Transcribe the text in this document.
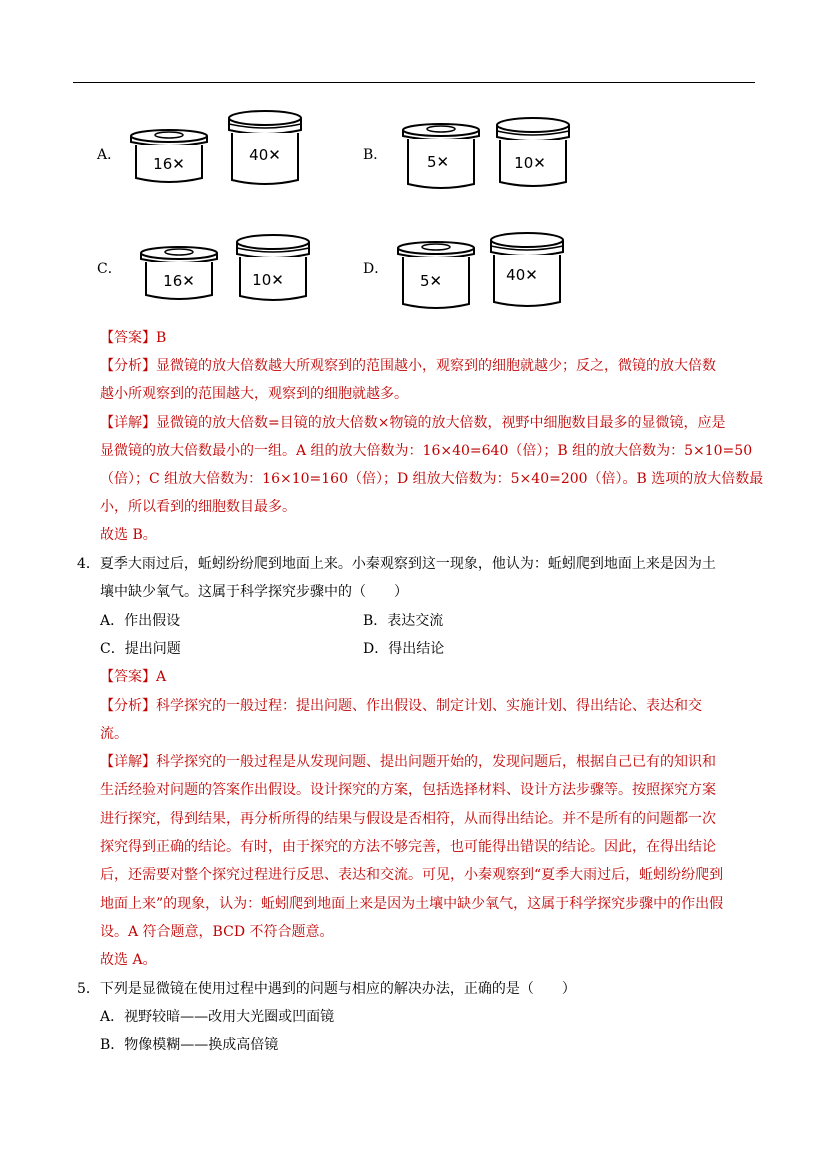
A． 16✕	40✕	B．	5✕	10✕
C．
16✕	10✕
D．
5✕	40✕
【答案】B
【分析】显微镜的放大倍数越大所观察到的范围越小，观察到的细胞就越少；反之，微镜的放大倍数
越小所观察到的范围越大，观察到的细胞就越多。
【详解】显微镜的放大倍数=目镜的放大倍数×物镜的放大倍数，视野中细胞数目最多的显微镜，应是
显微镜的放大倍数最小的一组。A 组的放大倍数为：16×40=640（倍）；B 组的放大倍数为：5×10=50
（倍）；C 组放大倍数为：16×10=160（倍）；D 组放大倍数为：5×40=200（倍）。B 选项的放大倍数最
小，所以看到的细胞数目最多。
故选 B。
4．夏季大雨过后，蚯蚓纷纷爬到地面上来。小秦观察到这一现象，他认为：蚯蚓爬到地面上来是因为土
壤中缺少氧气。这属于科学探究步骤中的（　　）
A．作出假设	B．表达交流
C．提出问题	D．得出结论
【答案】A
【分析】科学探究的一般过程：提出问题、作出假设、制定计划、实施计划、得出结论、表达和交
流。
【详解】科学探究的一般过程是从发现问题、提出问题开始的，发现问题后，根据自己已有的知识和
生活经验对问题的答案作出假设。设计探究的方案，包括选择材料、设计方法步骤等。按照探究方案
进行探究，得到结果，再分析所得的结果与假设是否相符，从而得出结论。并不是所有的问题都一次
探究得到正确的结论。有时，由于探究的方法不够完善，也可能得出错误的结论。因此，在得出结论
后，还需要对整个探究过程进行反思、表达和交流。可见，小秦观察到“夏季大雨过后，蚯蚓纷纷爬到
地面上来”的现象，认为：蚯蚓爬到地面上来是因为土壤中缺少氧气，这属于科学探究步骤中的作出假
设。A 符合题意，BCD 不符合题意。
故选 A。
5．下列是显微镜在使用过程中遇到的问题与相应的解决办法，正确的是（　　）
A．视野较暗——改用大光圈或凹面镜
B．物像模糊——换成高倍镜
